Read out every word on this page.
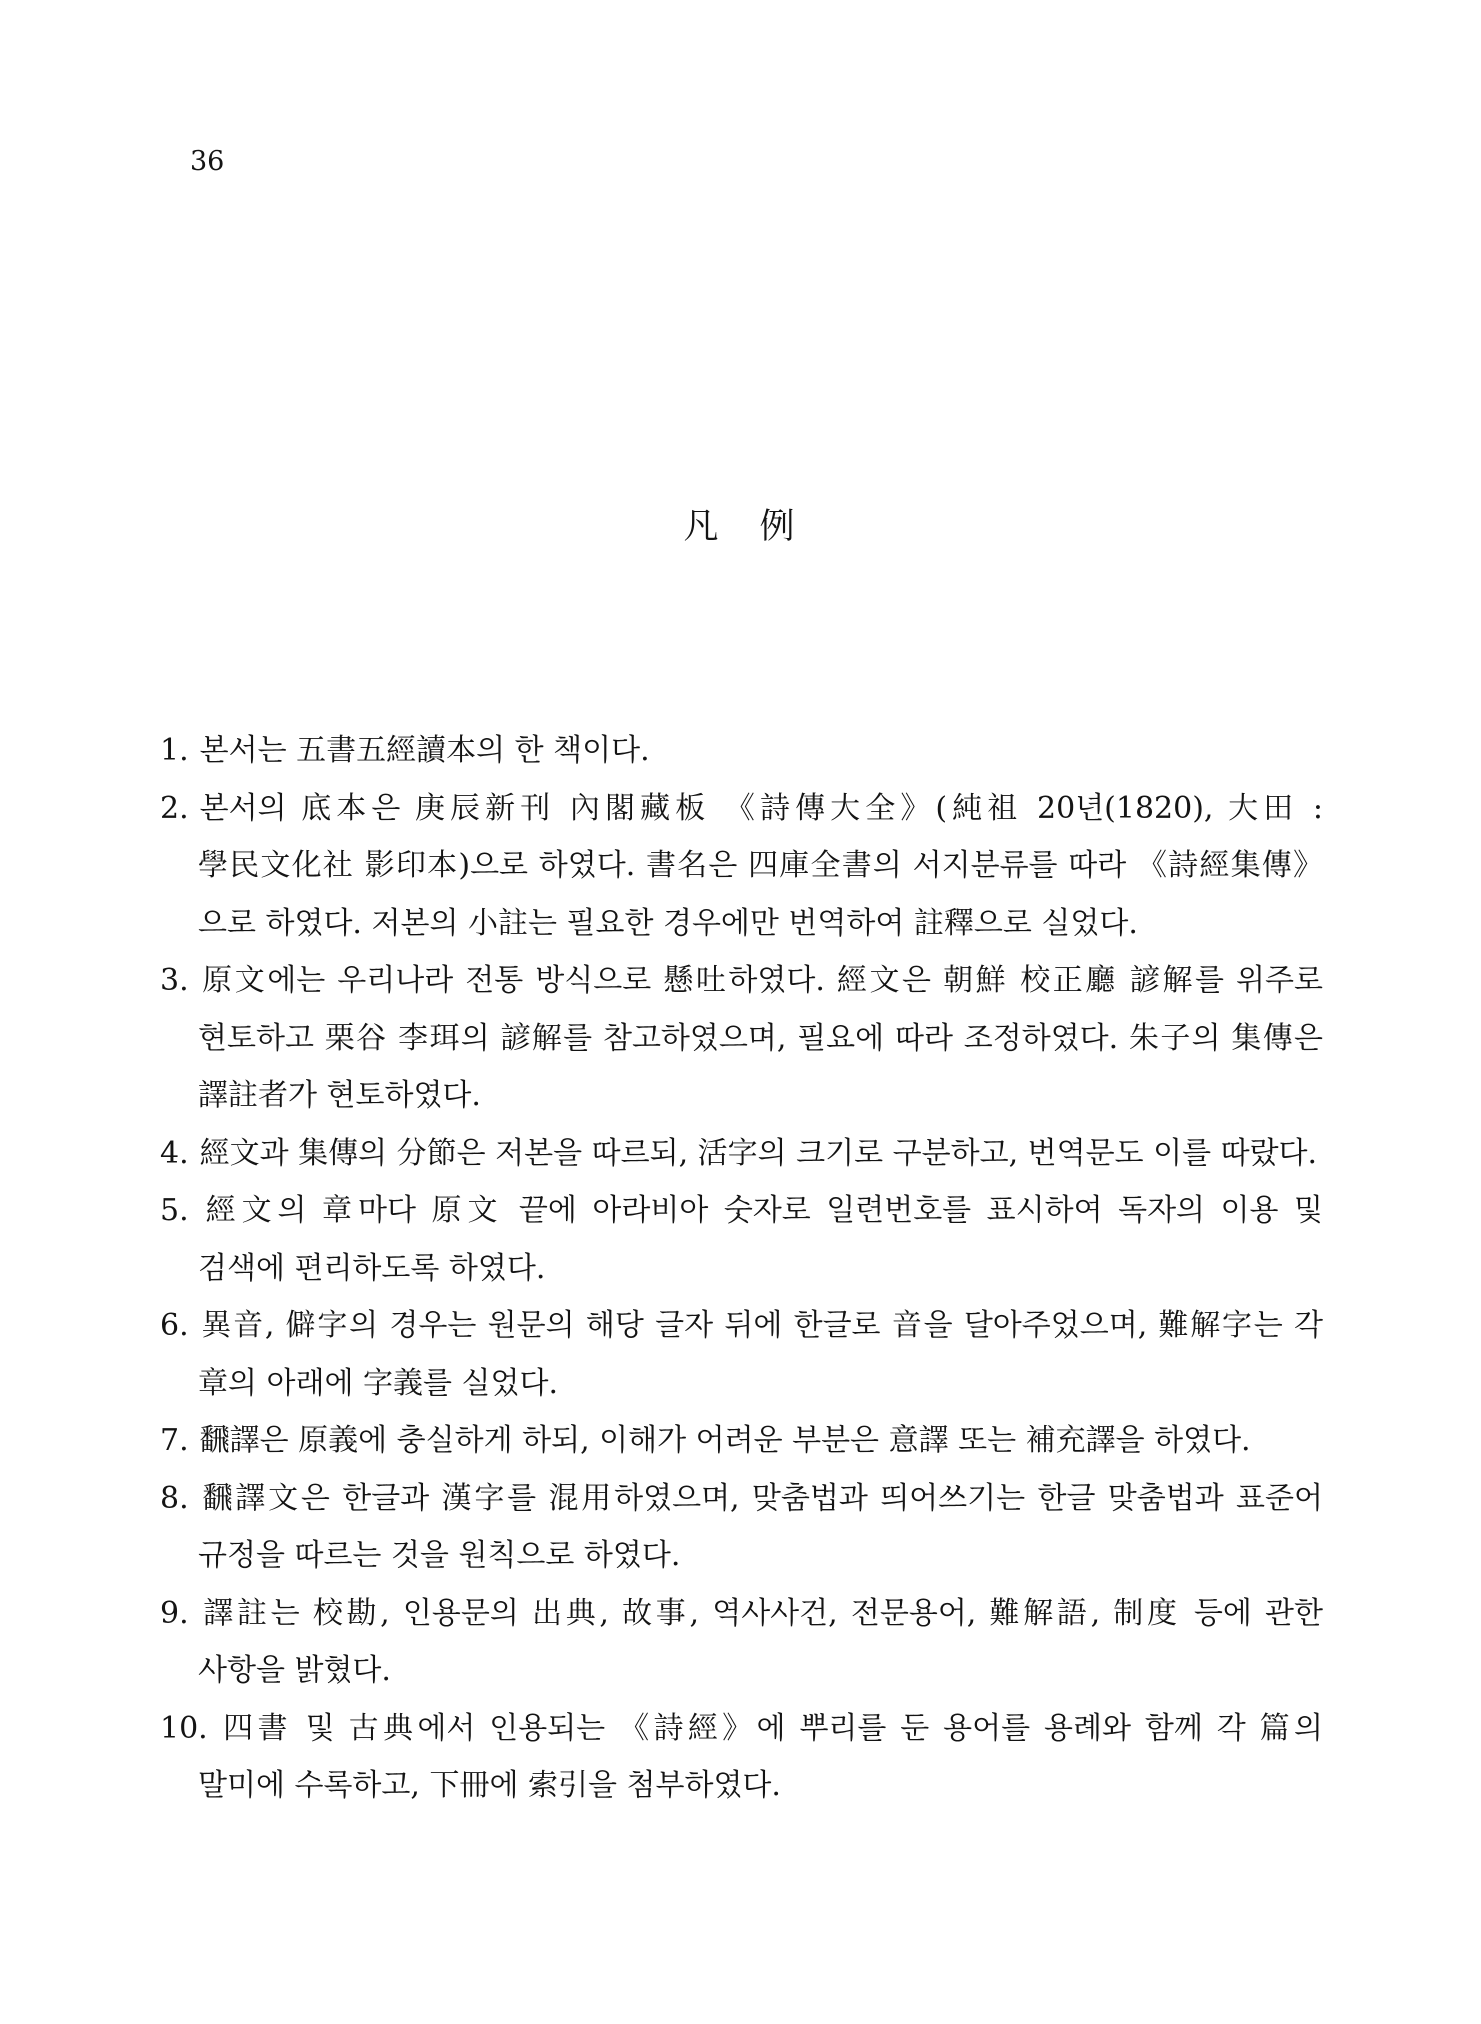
36
凡　例

1. 본서는 五書五經讀本의 한 책이다.

2. 본서의 底本은 庚辰新刊 內閣藏板 《詩傳大全》(純祖 20년(1820), 大田 : 學民文化社 影印本)으로 하였다. 書名은 四庫全書의 서지분류를 따라 《詩經集傳》으로 하였다. 저본의 小註는 필요한 경우에만 번역하여 註釋으로 실었다.

3. 原文에는 우리나라 전통 방식으로 懸吐하였다. 經文은 朝鮮 校正廳 諺解를 위주로 현토하고 栗谷 李珥의 諺解를 참고하였으며, 필요에 따라 조정하였다. 朱子의 集傳은 譯註者가 현토하였다.

4. 經文과 集傳의 分節은 저본을 따르되, 活字의 크기로 구분하고, 번역문도 이를 따랐다.

5. 經文의 章마다 原文 끝에 아라비아 숫자로 일련번호를 표시하여 독자의 이용 및 검색에 편리하도록 하였다.

6. 異音, 僻字의 경우는 원문의 해당 글자 뒤에 한글로 音을 달아주었으며, 難解字는 각 章의 아래에 字義를 실었다.

7. 飜譯은 原義에 충실하게 하되, 이해가 어려운 부분은 意譯 또는 補充譯을 하였다.

8. 飜譯文은 한글과 漢字를 混用하였으며, 맞춤법과 띄어쓰기는 한글 맞춤법과 표준어 규정을 따르는 것을 원칙으로 하였다.

9. 譯註는 校勘, 인용문의 出典, 故事, 역사사건, 전문용어, 難解語, 制度 등에 관한 사항을 밝혔다.

10. 四書 및 古典에서 인용되는 《詩經》에 뿌리를 둔 용어를 용례와 함께 각 篇의 말미에 수록하고, 下冊에 索引을 첨부하였다.
